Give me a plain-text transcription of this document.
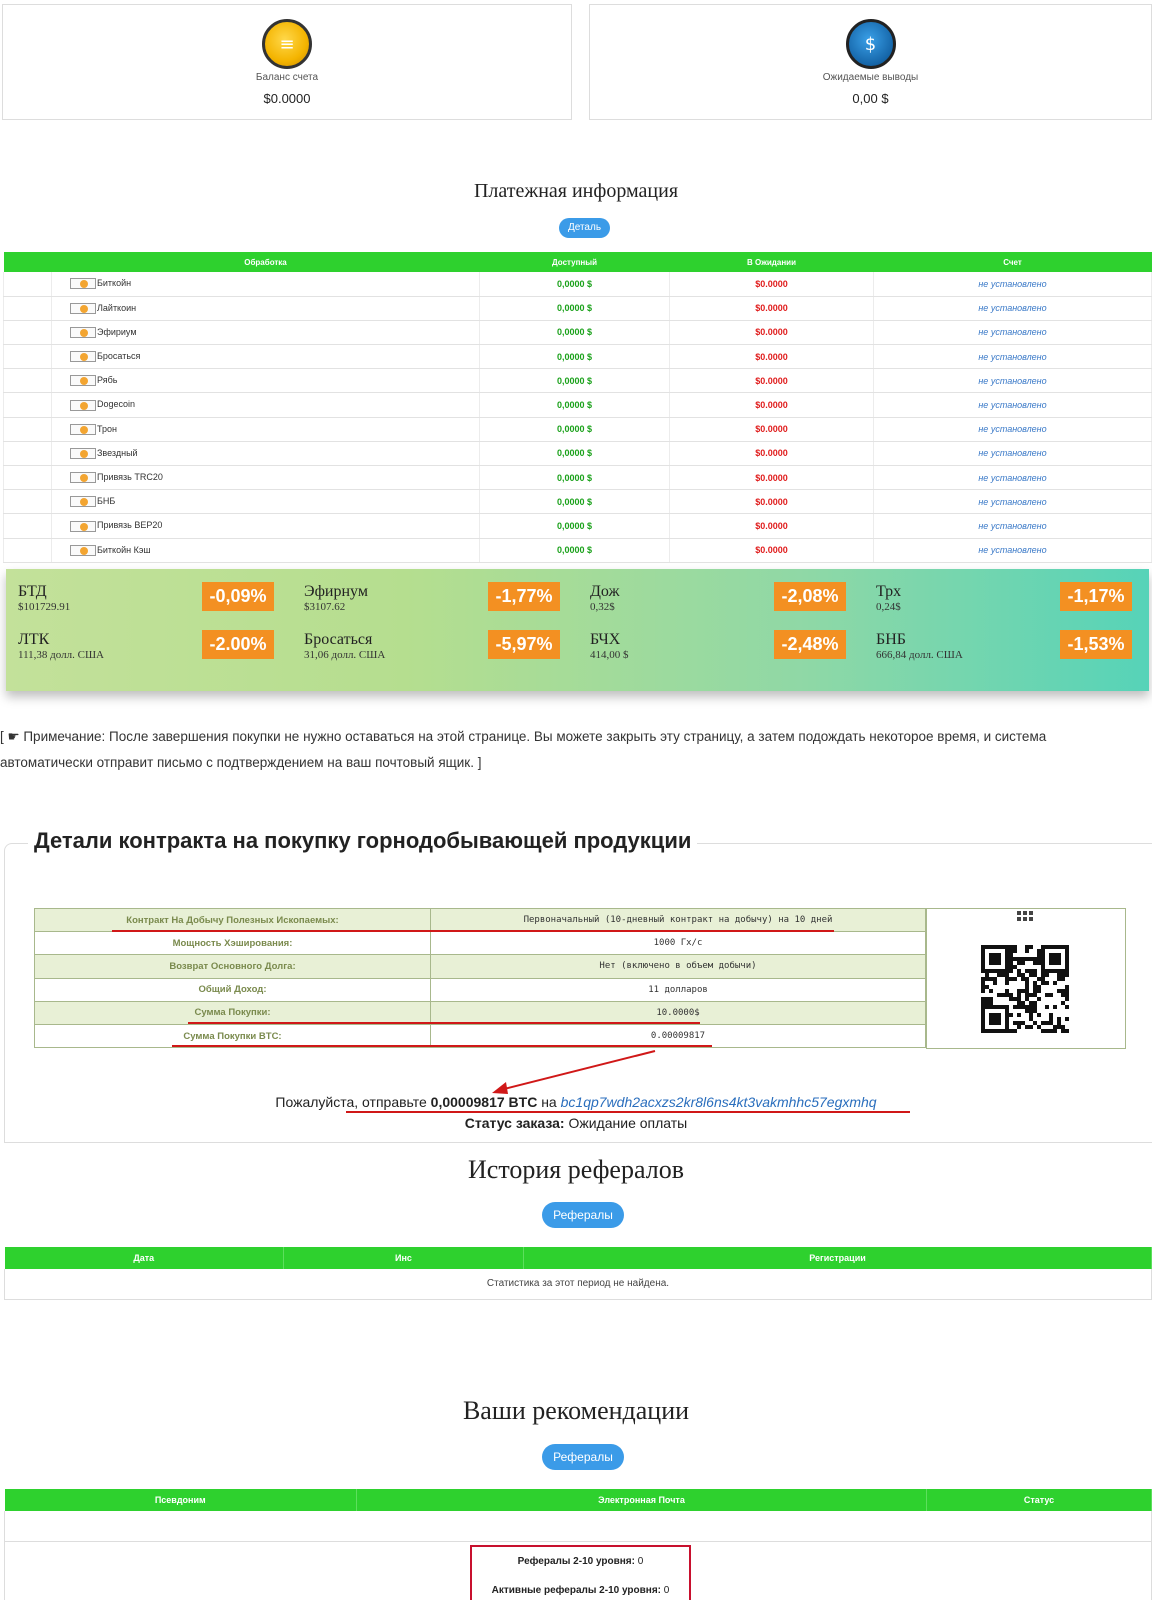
≡
Баланс счета
$0.0000
$
Ожидаемые выводы
0,00 $
Платежная информация
Деталь
	Обработка	Доступный	В Ожидании	Счет

Биткойн	0,0000 $	$0.0000	не установлено

Лайткоин	0,0000 $	$0.0000	не установлено

Эфириум	0,0000 $	$0.0000	не установлено

Бросаться	0,0000 $	$0.0000	не установлено

Рябь	0,0000 $	$0.0000	не установлено

Dogecoin	0,0000 $	$0.0000	не установлено

Трон	0,0000 $	$0.0000	не установлено

Звездный	0,0000 $	$0.0000	не установлено

Привязь TRC20	0,0000 $	$0.0000	не установлено

БНБ	0,0000 $	$0.0000	не установлено

Привязь BEP20	0,0000 $	$0.0000	не установлено

Биткойн Кэш	0,0000 $	$0.0000	не установлено
БТД
$101729.91
-0,09%	Эфирнум
$3107.62
-1,77%	Дож
0,32$
-2,08%	Трх
0,24$
-1,17%
ЛТК
111,38 долл. США
-2.00%	Бросаться
31,06 долл. США
-5,97%	БЧХ
414,00 $
-2,48%	БНБ
666,84 долл. США
-1,53%
[ ☛ Примечание: После завершения покупки не нужно оставаться на этой странице. Вы можете закрыть эту страницу, а затем подождать некоторое время, и система
автоматически отправит письмо с подтверждением на ваш почтовый ящик. ]
Детали контракта на покупку горнодобывающей продукции
Контракт На Добычу Полезных Ископаемых:	Первоначальный (10-дневный контракт на добычу) на 10 дней
Мощность Хэширования:	1000 Гх/с
Возврат Основного Долга:	Нет (включено в объем добычи)
Общий Доход:	11 долларов
Сумма Покупки:	10.0000$
Сумма Покупки BTC:	0.00009817
Пожалуйста, отправьте 0,00009817 BTC на bc1qp7wdh2acxzs2kr8l6ns4kt3vakmhhc57egxmhq
Статус заказа: Ожидание оплаты
История рефералов
Рефералы
Дата	Инс	Регистрации
Статистика за этот период не найдена.
Ваши рекомендации
Рефералы
Псевдоним	Электронная Почта	Статус

Рефералы 2-10 уровня: 0
Активные рефералы 2-10 уровня: 0
